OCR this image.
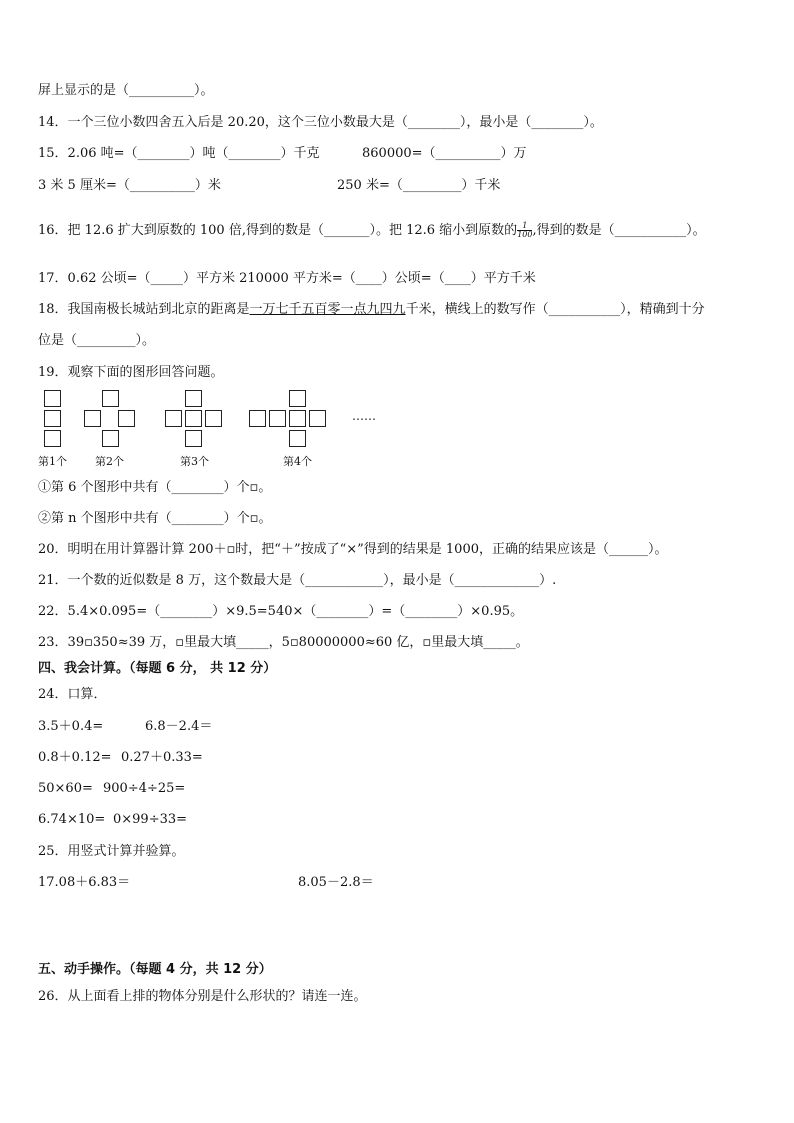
屏上显示的是（__________）。
14．一个三位小数四舍五入后是 20.20，这个三位小数最大是（________），最小是（________）。
15．2.06 吨=（________）吨（________）千克	860000=（__________）万
3 米 5 厘米=（__________）米	250 米=（_________）千米
16．把 12.6 扩大到原数的 100 倍,得到的数是（_______）。把 12.6 缩小到原数的 $\frac{1}{100}$ ,得到的数是（___________）。
17．0.62 公顷=（_____）平方米 210000 平方米=（____）公顷=（____）平方千米
18．我国南极长城站到北京的距离是一万七千五百零一点九四九千米，横线上的数写作（___________），精确到十分
位是（_________）。
19．观察下面的图形回答问题。
……
第1个	第2个	第3个	第4个
①第 6 个图形中共有（________）个▫。
②第 n 个图形中共有（________）个▫。
20．明明在用计算器计算 200＋▫时，把“＋”按成了“×”得到的结果是 1000，正确的结果应该是（______）。
21．一个数的近似数是 8 万，这个数最大是（____________），最小是（_____________）.
22．5.4×0.095=（________）×9.5=540×（________）=（________）×0.95。
23．39▫350≈39 万，▫里最大填_____，5▫80000000≈60 亿，▫里最大填_____。
四、我会计算。（每题 6 分， 共 12 分）
24．口算．
3.5＋0.4=	6.8－2.4＝
0.8＋0.12= 0.27＋0.33=
50×60= 900÷4÷25=
6.74×10= 0×99÷33=
25．用竖式计算并验算。
17.08＋6.83＝	8.05－2.8＝
五、动手操作。（每题 4 分，共 12 分）
26．从上面看上排的物体分别是什么形状的？请连一连。
